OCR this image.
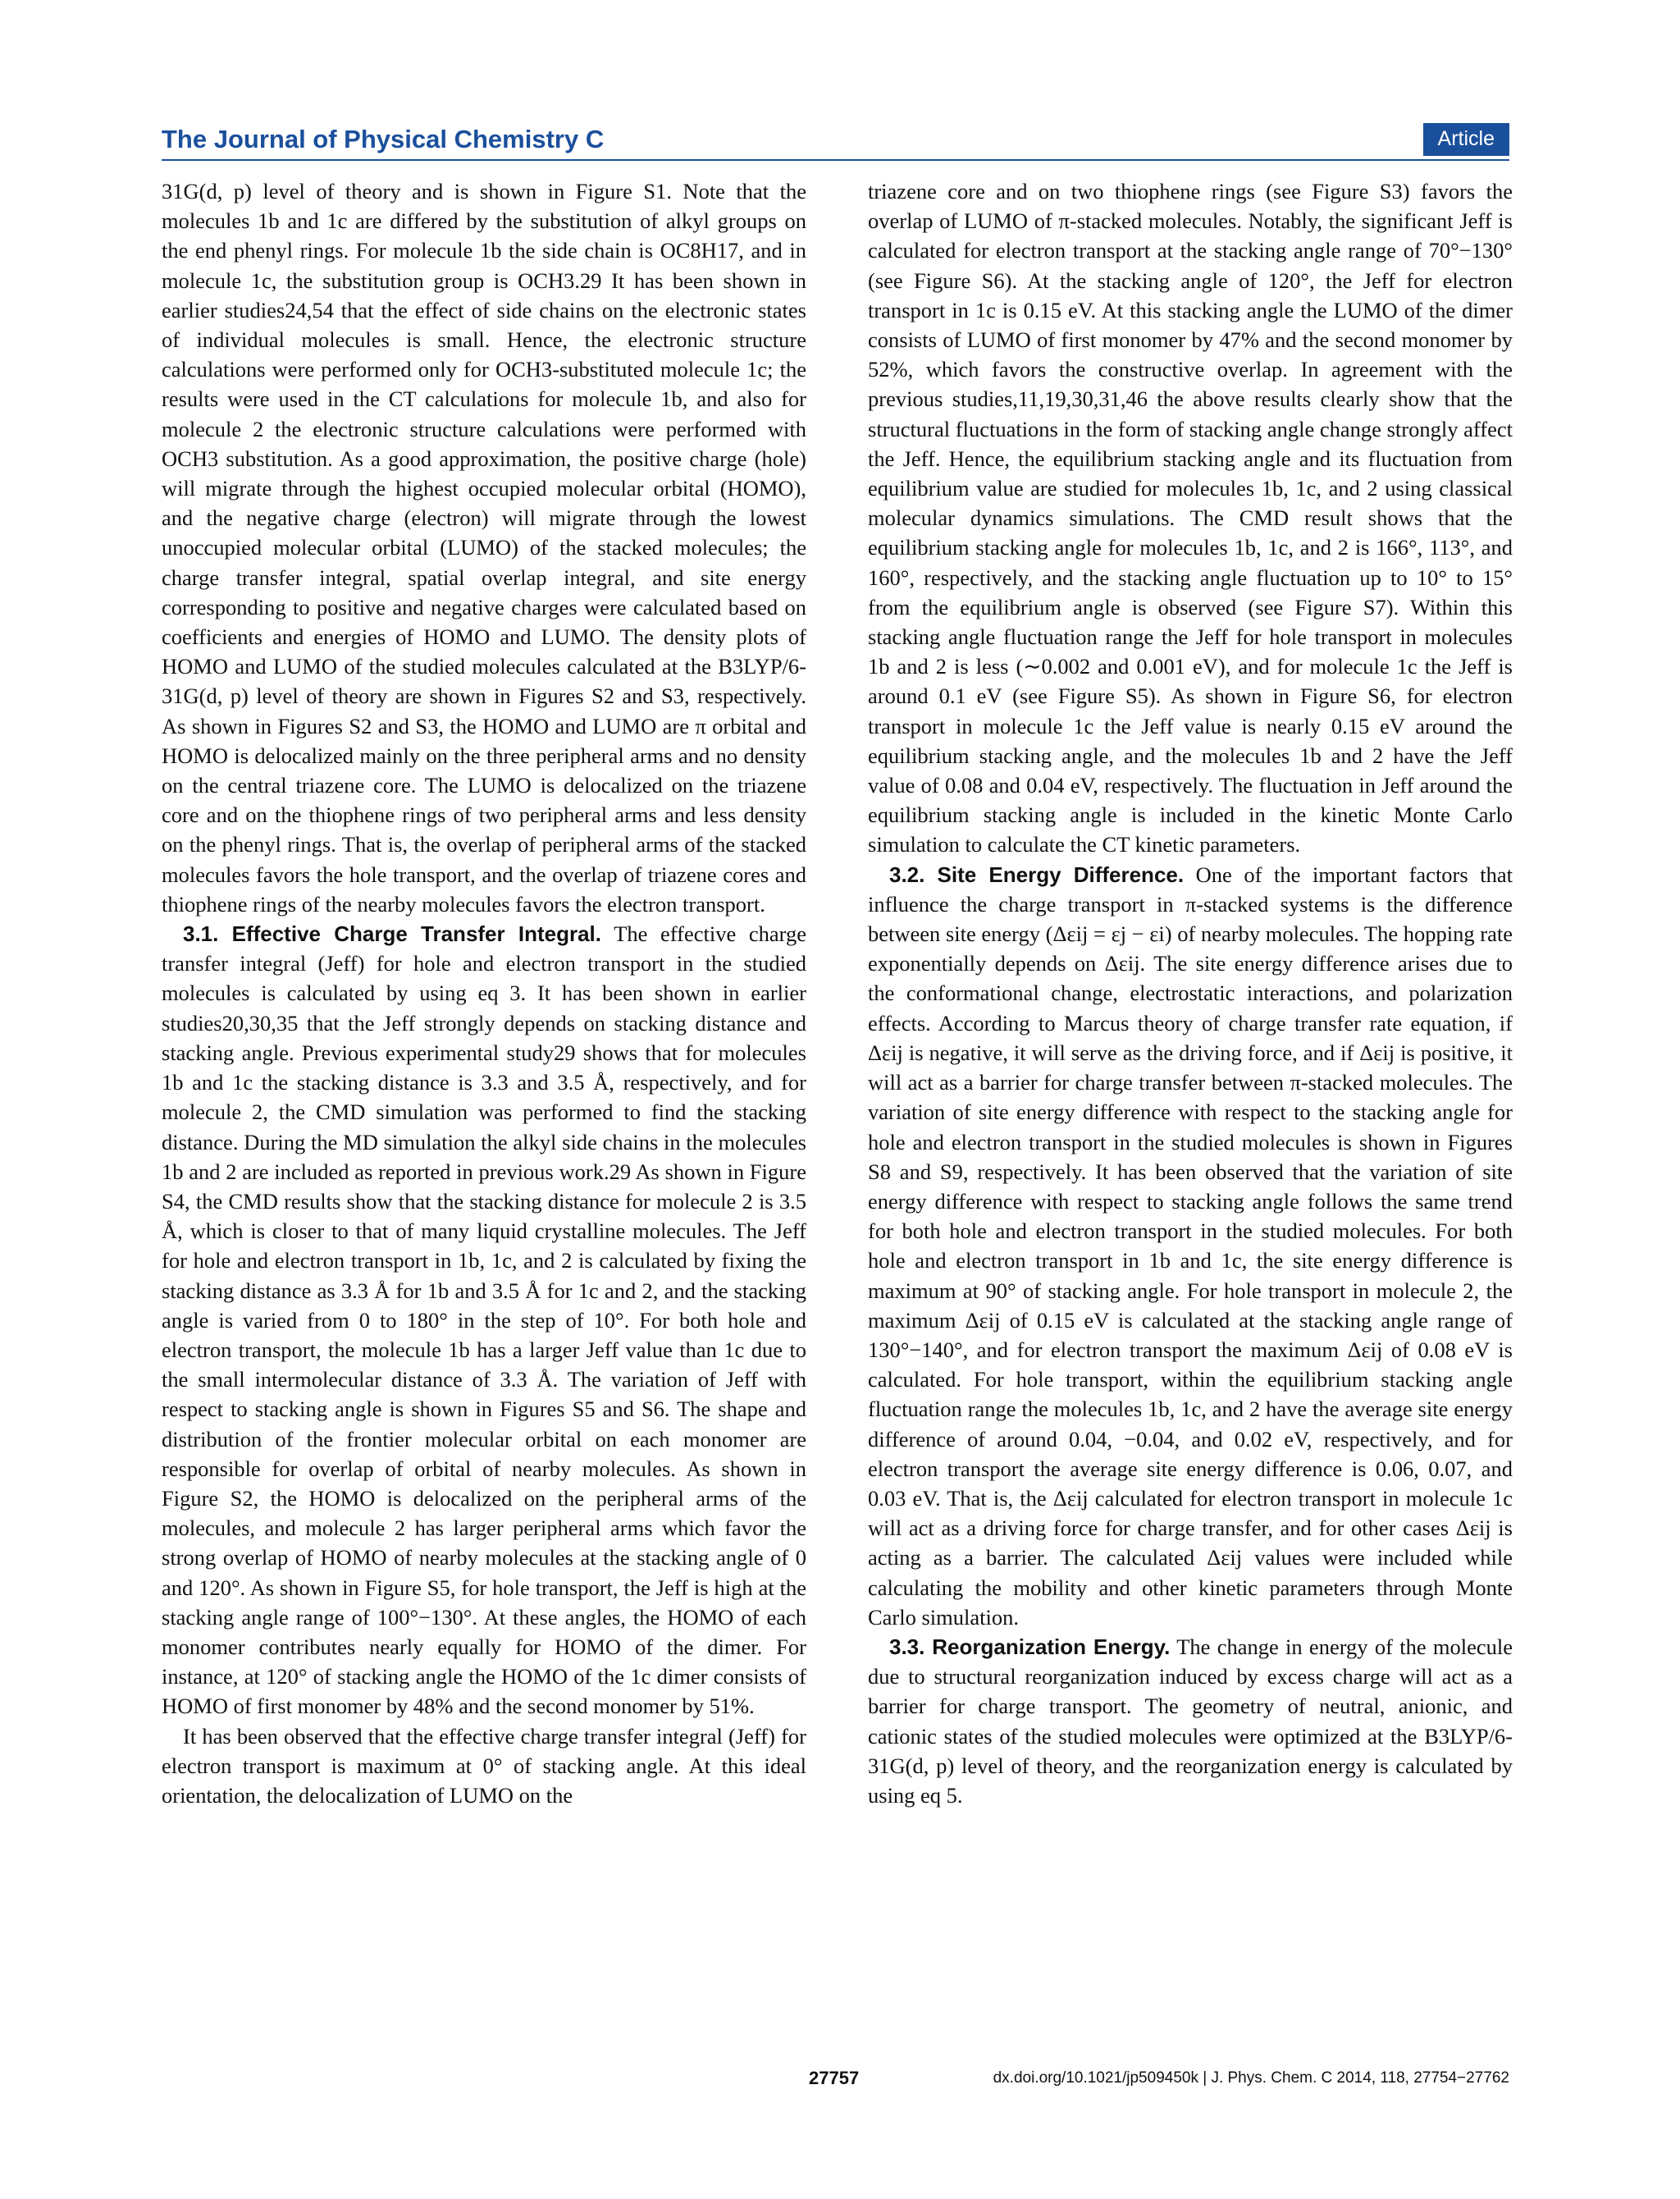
The Journal of Physical Chemistry C	Article

31G(d, p) level of theory and is shown in Figure S1. Note that the molecules 1b and 1c are differed by the substitution of alkyl groups on the end phenyl rings. For molecule 1b the side chain is OC8H17, and in molecule 1c, the substitution group is OCH3.29 It has been shown in earlier studies24,54 that the effect of side chains on the electronic states of individual molecules is small. Hence, the electronic structure calculations were performed only for OCH3-substituted molecule 1c; the results were used in the CT calculations for molecule 1b, and also for molecule 2 the electronic structure calculations were performed with OCH3 substitution. As a good approximation, the positive charge (hole) will migrate through the highest occupied molecular orbital (HOMO), and the negative charge (electron) will migrate through the lowest unoccupied molecular orbital (LUMO) of the stacked molecules; the charge transfer integral, spatial overlap integral, and site energy corresponding to positive and negative charges were calculated based on coefficients and energies of HOMO and LUMO. The density plots of HOMO and LUMO of the studied molecules calculated at the B3LYP/6-31G(d, p) level of theory are shown in Figures S2 and S3, respectively. As shown in Figures S2 and S3, the HOMO and LUMO are π orbital and HOMO is delocalized mainly on the three peripheral arms and no density on the central triazene core. The LUMO is delocalized on the triazene core and on the thiophene rings of two peripheral arms and less density on the phenyl rings. That is, the overlap of peripheral arms of the stacked molecules favors the hole transport, and the overlap of triazene cores and thiophene rings of the nearby molecules favors the electron transport.

3.1. Effective Charge Transfer Integral. The effective charge transfer integral (Jeff) for hole and electron transport in the studied molecules is calculated by using eq 3. It has been shown in earlier studies20,30,35 that the Jeff strongly depends on stacking distance and stacking angle. Previous experimental study29 shows that for molecules 1b and 1c the stacking distance is 3.3 and 3.5 Å, respectively, and for molecule 2, the CMD simulation was performed to find the stacking distance. During the MD simulation the alkyl side chains in the molecules 1b and 2 are included as reported in previous work.29 As shown in Figure S4, the CMD results show that the stacking distance for molecule 2 is 3.5 Å, which is closer to that of many liquid crystalline molecules. The Jeff for hole and electron transport in 1b, 1c, and 2 is calculated by fixing the stacking distance as 3.3 Å for 1b and 3.5 Å for 1c and 2, and the stacking angle is varied from 0 to 180° in the step of 10°. For both hole and electron transport, the molecule 1b has a larger Jeff value than 1c due to the small intermolecular distance of 3.3 Å. The variation of Jeff with respect to stacking angle is shown in Figures S5 and S6. The shape and distribution of the frontier molecular orbital on each monomer are responsible for overlap of orbital of nearby molecules. As shown in Figure S2, the HOMO is delocalized on the peripheral arms of the molecules, and molecule 2 has larger peripheral arms which favor the strong overlap of HOMO of nearby molecules at the stacking angle of 0 and 120°. As shown in Figure S5, for hole transport, the Jeff is high at the stacking angle range of 100°−130°. At these angles, the HOMO of each monomer contributes nearly equally for HOMO of the dimer. For instance, at 120° of stacking angle the HOMO of the 1c dimer consists of HOMO of first monomer by 48% and the second monomer by 51%.

It has been observed that the effective charge transfer integral (Jeff) for electron transport is maximum at 0° of stacking angle. At this ideal orientation, the delocalization of LUMO on the

triazene core and on two thiophene rings (see Figure S3) favors the overlap of LUMO of π-stacked molecules. Notably, the significant Jeff is calculated for electron transport at the stacking angle range of 70°−130° (see Figure S6). At the stacking angle of 120°, the Jeff for electron transport in 1c is 0.15 eV. At this stacking angle the LUMO of the dimer consists of LUMO of first monomer by 47% and the second monomer by 52%, which favors the constructive overlap. In agreement with the previous studies,11,19,30,31,46 the above results clearly show that the structural fluctuations in the form of stacking angle change strongly affect the Jeff. Hence, the equilibrium stacking angle and its fluctuation from equilibrium value are studied for molecules 1b, 1c, and 2 using classical molecular dynamics simulations. The CMD result shows that the equilibrium stacking angle for molecules 1b, 1c, and 2 is 166°, 113°, and 160°, respectively, and the stacking angle fluctuation up to 10° to 15° from the equilibrium angle is observed (see Figure S7). Within this stacking angle fluctuation range the Jeff for hole transport in molecules 1b and 2 is less (∼0.002 and 0.001 eV), and for molecule 1c the Jeff is around 0.1 eV (see Figure S5). As shown in Figure S6, for electron transport in molecule 1c the Jeff value is nearly 0.15 eV around the equilibrium stacking angle, and the molecules 1b and 2 have the Jeff value of 0.08 and 0.04 eV, respectively. The fluctuation in Jeff around the equilibrium stacking angle is included in the kinetic Monte Carlo simulation to calculate the CT kinetic parameters.

3.2. Site Energy Difference. One of the important factors that influence the charge transport in π-stacked systems is the difference between site energy (Δεij = εj − εi) of nearby molecules. The hopping rate exponentially depends on Δεij. The site energy difference arises due to the conformational change, electrostatic interactions, and polarization effects. According to Marcus theory of charge transfer rate equation, if Δεij is negative, it will serve as the driving force, and if Δεij is positive, it will act as a barrier for charge transfer between π-stacked molecules. The variation of site energy difference with respect to the stacking angle for hole and electron transport in the studied molecules is shown in Figures S8 and S9, respectively. It has been observed that the variation of site energy difference with respect to stacking angle follows the same trend for both hole and electron transport in the studied molecules. For both hole and electron transport in 1b and 1c, the site energy difference is maximum at 90° of stacking angle. For hole transport in molecule 2, the maximum Δεij of 0.15 eV is calculated at the stacking angle range of 130°−140°, and for electron transport the maximum Δεij of 0.08 eV is calculated. For hole transport, within the equilibrium stacking angle fluctuation range the molecules 1b, 1c, and 2 have the average site energy difference of around 0.04, −0.04, and 0.02 eV, respectively, and for electron transport the average site energy difference is 0.06, 0.07, and 0.03 eV. That is, the Δεij calculated for electron transport in molecule 1c will act as a driving force for charge transfer, and for other cases Δεij is acting as a barrier. The calculated Δεij values were included while calculating the mobility and other kinetic parameters through Monte Carlo simulation.

3.3. Reorganization Energy. The change in energy of the molecule due to structural reorganization induced by excess charge will act as a barrier for charge transport. The geometry of neutral, anionic, and cationic states of the studied molecules were optimized at the B3LYP/6-31G(d, p) level of theory, and the reorganization energy is calculated by using eq 5.

27757	dx.doi.org/10.1021/jp509450k | J. Phys. Chem. C 2014, 118, 27754−27762
